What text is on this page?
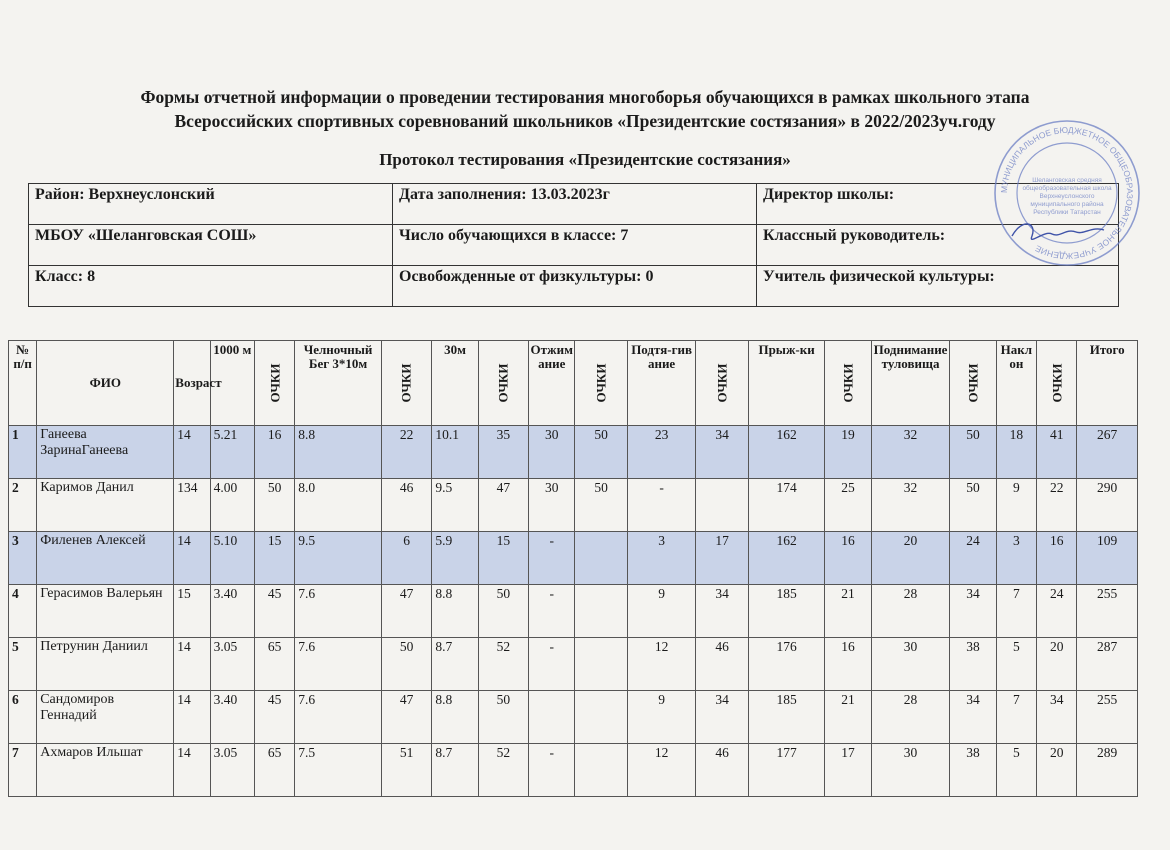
Формы отчетной информации о проведении тестирования многоборья обучающихся в рамках школьного этапа
Всероссийских спортивных соревнований школьников «Президентские состязания» в 2022/2023уч.году
Протокол тестирования «Президентские состязания»
Район: Верхнеуслонский	Дата заполнения: 13.03.2023г	Директор школы:
МБОУ «Шеланговская СОШ»	Число обучающихся в классе: 7	Классный руководитель:
Класс: 8	Освобожденные от физкультуры: 0	Учитель физической культуры:
МУНИЦИПАЛЬНОЕ БЮДЖЕТНОЕ ОБЩЕОБРАЗОВАТЕЛЬНОЕ УЧРЕЖДЕНИЕ
Шеланговская средняя
общеобразовательная школа
Верхнеуслонского
муниципального района
Республики Татарстан
№ п/п	ФИО	Возраст	1000 м	ОЧКИ	Челночный Бег 3*10м	ОЧКИ	30м	ОЧКИ	Отжимание	ОЧКИ	Подтя-гивание	ОЧКИ	Прыж-ки	ОЧКИ	Поднимание туловища	ОЧКИ	Наклон	ОЧКИ	Итого
1	Ганеева ЗаринаГанеева	14	5.21	16	8.8	22	10.1	35	30	50	23	34	162	19	32	50	18	41	267
2	Каримов Данил	134	4.00	50	8.0	46	9.5	47	30	50	-		174	25	32	50	9	22	290
3	Филенев Алексей	14	5.10	15	9.5	6	5.9	15	-		3	17	162	16	20	24	3	16	109
4	Герасимов Валерьян	15	3.40	45	7.6	47	8.8	50	-		9	34	185	21	28	34	7	24	255
5	Петрунин Даниил	14	3.05	65	7.6	50	8.7	52	-		12	46	176	16	30	38	5	20	287
6	Сандомиров Геннадий	14	3.40	45	7.6	47	8.8	50			9	34	185	21	28	34	7	34	255
7	Ахмаров Ильшат	14	3.05	65	7.5	51	8.7	52	-		12	46	177	17	30	38	5	20	289
